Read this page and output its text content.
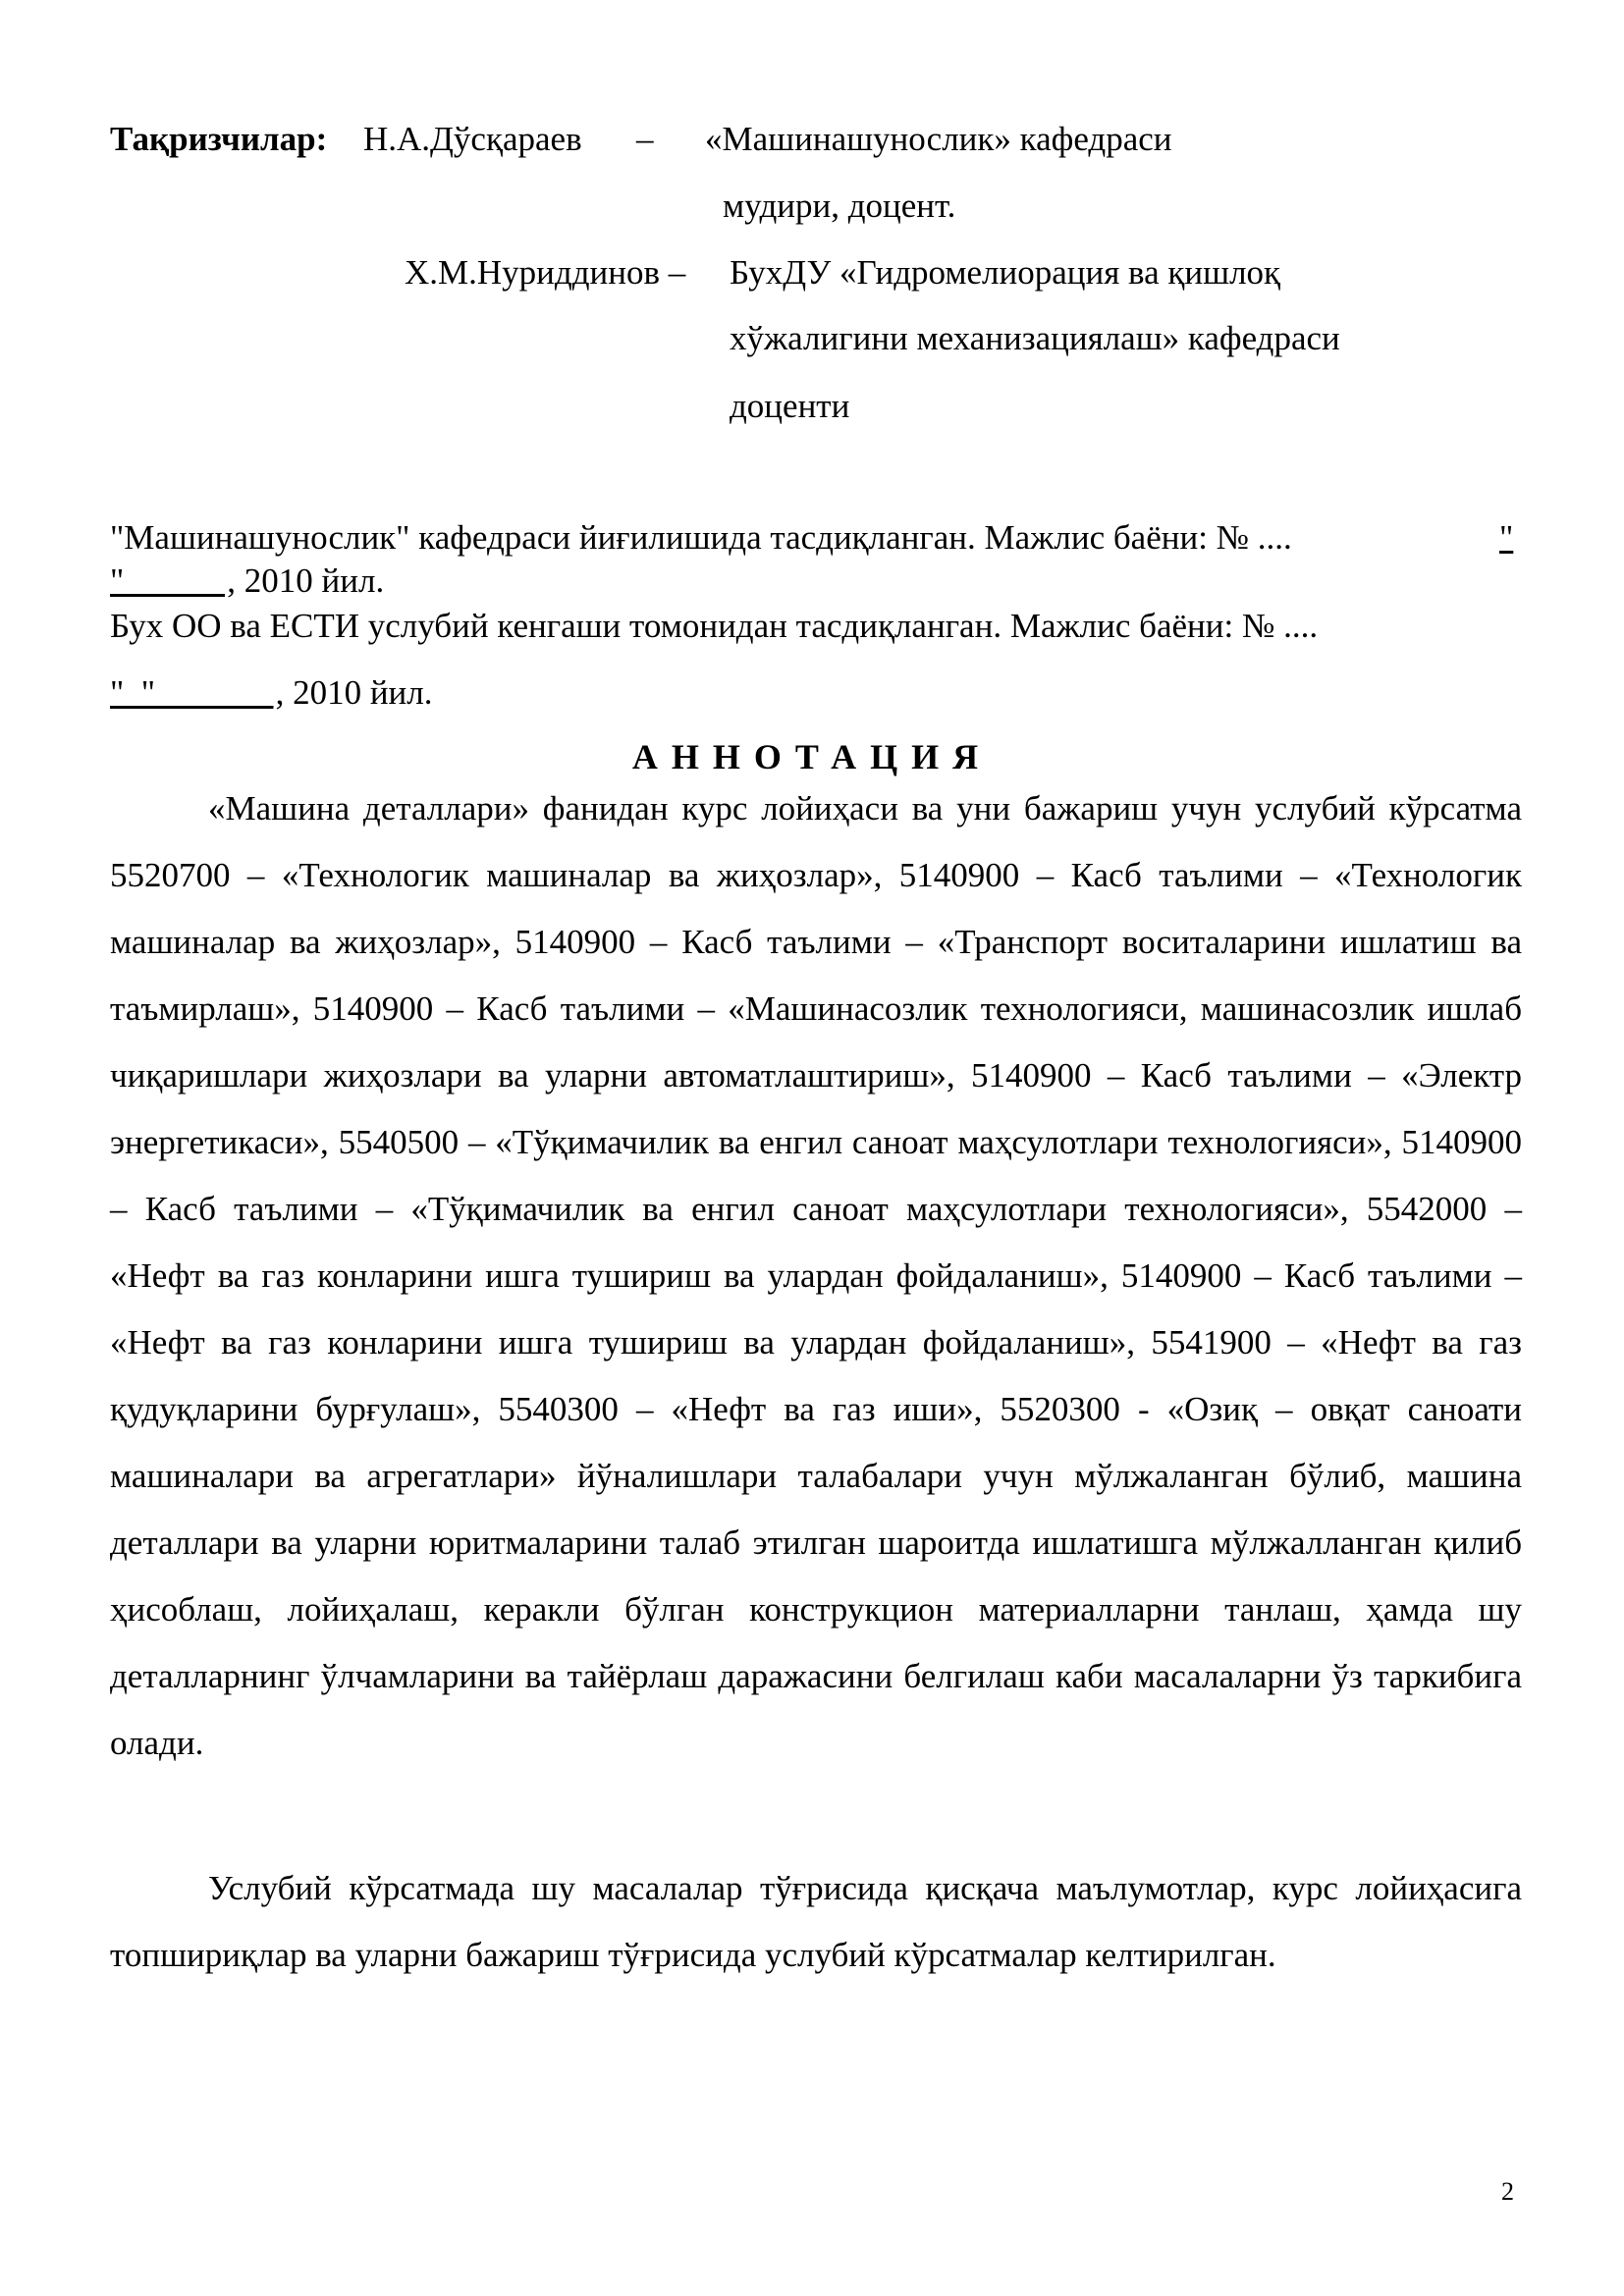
Тақризчилар: Н.А.Дўсқараев – «Машинашунослик» кафедраси
мудири, доцент.
Х.М.Нуриддинов – БухДУ «Гидромелиорация ва қишлоқ
хўжалигини механизациялаш» кафедраси
доценти
"Машинашунослик" кафедраси йиғилишида тасдиқланган. Мажлис баёни: № ....	"
"            , 2010 йил.
Бух ОО ва ЕСТИ услубий кенгаши томонидан тасдиқланган. Мажлис баёни: № ....
"  "              , 2010 йил.
АННОТАЦИЯ

«Машина деталлари» фанидан курс лойиҳаси ва уни бажариш учун услубий кўрсатма 5520700 – «Технологик машиналар ва жиҳозлар», 5140900 – Касб таълими – «Технологик машиналар ва жиҳозлар», 5140900 – Касб таълими – «Транспорт воситаларини ишлатиш ва таъмирлаш», 5140900 – Касб таълими – «Машинасозлик технологияси, машинасозлик ишлаб чиқаришлари жиҳозлари ва уларни автоматлаштириш», 5140900 – Касб таълими – «Электр энергетикаси», 5540500 – «Тўқимачилик ва енгил саноат маҳсулотлари технологияси», 5140900 – Касб таълими – «Тўқимачилик ва енгил саноат маҳсулотлари технологияси», 5542000 – «Нефт ва газ конларини ишга тушириш ва улардан фойдаланиш», 5140900 – Касб таълими – «Нефт ва газ конларини ишга тушириш ва улардан фойдаланиш», 5541900 – «Нефт ва газ қудуқларини бурғулаш», 5540300 – «Нефт ва газ иши», 5520300 - «Озиқ – овқат саноати машиналари ва агрегатлари» йўналишлари талабалари учун мўлжаланган бўлиб, машина деталлари ва уларни юритмаларини талаб этилган шароитда ишлатишга мўлжалланган қилиб ҳисоблаш, лойиҳалаш, керакли бўлган конструкцион материалларни танлаш, ҳамда шу деталларнинг ўлчамларини ва тайёрлаш даражасини белгилаш каби масалаларни ўз таркибига олади.

Услубий кўрсатмада шу масалалар тўғрисида қисқача маълумотлар, курс лойиҳасига топшириқлар ва уларни бажариш тўғрисида услубий кўрсатмалар келтирилган.

2
